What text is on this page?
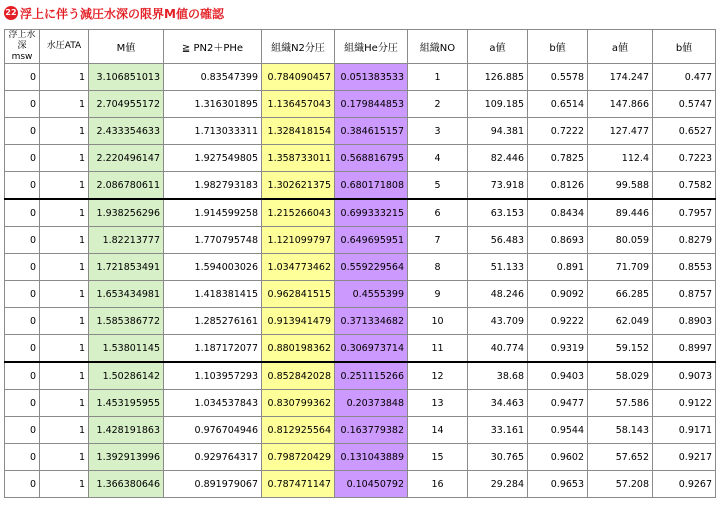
22 浮上に伴う減圧水深の限界M値の確認
浮上水深msw	水圧ATA	M値	≧ PN2＋PHe	組織N2分圧	組織He分圧	組織NO	a値	b値	a値	b値
0	1	3.106851013	0.83547399	0.784090457	0.051383533	1	126.885	0.5578	174.247	0.477
0	1	2.704955172	1.316301895	1.136457043	0.179844853	2	109.185	0.6514	147.866	0.5747
0	1	2.433354633	1.713033311	1.328418154	0.384615157	3	94.381	0.7222	127.477	0.6527
0	1	2.220496147	1.927549805	1.358733011	0.568816795	4	82.446	0.7825	112.4	0.7223
0	1	2.086780611	1.982793183	1.302621375	0.680171808	5	73.918	0.8126	99.588	0.7582
0	1	1.938256296	1.914599258	1.215266043	0.699333215	6	63.153	0.8434	89.446	0.7957
0	1	1.82213777	1.770795748	1.121099797	0.649695951	7	56.483	0.8693	80.059	0.8279
0	1	1.721853491	1.594003026	1.034773462	0.559229564	8	51.133	0.891	71.709	0.8553
0	1	1.653434981	1.418381415	0.962841515	0.4555399	9	48.246	0.9092	66.285	0.8757
0	1	1.585386772	1.285276161	0.913941479	0.371334682	10	43.709	0.9222	62.049	0.8903
0	1	1.53801145	1.187172077	0.880198362	0.306973714	11	40.774	0.9319	59.152	0.8997
0	1	1.50286142	1.103957293	0.852842028	0.251115266	12	38.68	0.9403	58.029	0.9073
0	1	1.453195955	1.034537843	0.830799362	0.20373848	13	34.463	0.9477	57.586	0.9122
0	1	1.428191863	0.976704946	0.812925564	0.163779382	14	33.161	0.9544	58.143	0.9171
0	1	1.392913996	0.929764317	0.798720429	0.131043889	15	30.765	0.9602	57.652	0.9217
0	1	1.366380646	0.891979067	0.787471147	0.10450792	16	29.284	0.9653	57.208	0.9267
